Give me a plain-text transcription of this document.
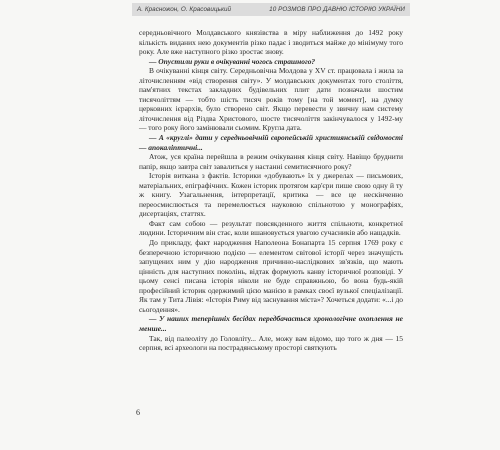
А. Красножон, О. Красовицький	10 РОЗМОВ ПРО ДАВНЮ ІСТОРІЮ УКРАЇНИ

середньовічного Молдавського князівства в міру наближення до 1492 року кількість виданих нею документів різко падає і зводиться майже до мінімуму того року. Але вже наступного різко зростає знову.

— Опустили руки в очікуванні чогось страшного?

В очікуванні кінця світу. Середньовічна Молдова у XV ст. працювала і жила за літочисленням «від створення світу». У молдавських документах того століття, пам'ятних текстах закладних будівельних плит дати позначали шостим тисячоліттям — тобто шість тисяч років тому [на той момент], на думку церковних ієрархів, було створено світ. Якщо перевести у звичну нам систему літочислення від Різдва Христового, шосте тисячоліття закінчувалося у 1492-му — того року його замінювали сьомим. Кругла дата.

— А «круглі» дати у середньовічній європейській християнській свідомості — апокаліптичні...

Атож, уся країна перейшла в режим очікування кінця світу. Навіщо бруднити папір, якщо завтра світ завалиться у настанні семитисячного року?

Історія виткана з фактів. Історики «добувають» їх у джерелах — письмових, матеріальних, епіграфічних. Кожен історик протягом кар'єри пише свою одну й ту ж книгу. Узагальнення, інтерпретації, критика — все це нескінченно переосмислюється та перемелюється науковою спільнотою у монографіях, дисертаціях, статтях.

Факт сам собою — результат повсякденного життя спільноти, конкретної людини. Історичним він стає, коли вшановується увагою сучасників або нащадків.

До прикладу, факт народження Наполеона Бонапарта 15 серпня 1769 року є безперечною історичною подією — елементом світової історії через значущість запущених ним у дію народження причинно-наслідкових зв'язків, що мають цінність для наступних поколінь, відтак формують канву історичної розповіді. У цьому сенсі писана історія ніколи не буде справжньою, бо вона будь-якій професійний історик одержимий цією манією в рамках своєї вузької спеціалізації. Як там у Тита Лівія: «Історія Риму від заснування міста»? Хочеться додати: «...і до сьогодення».

— У наших теперішніх бесідах передбачається хронологічне охоплення не менше...

Так, від палеоліту до Головліту... Але, можу вам відомо, що того ж дня — 15 серпня, всі археологи на пострадянському просторі святкують

6
